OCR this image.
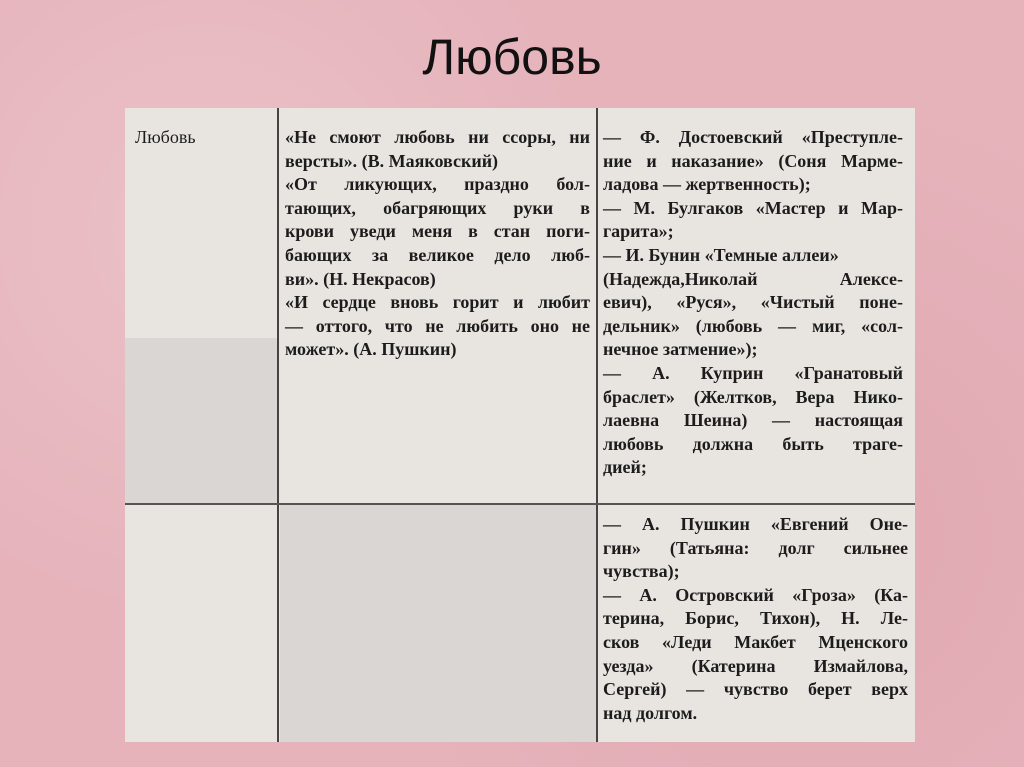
Любовь
Любовь	«Не смоют любовь ни ссоры, ни
версты». (В. Маяковский)
«От ликующих, праздно бол-
тающих, обагряющих руки в
крови уведи меня в стан поги-
бающих за великое дело люб-
ви». (Н. Некрасов)
«И сердце вновь горит и любит
— оттого, что не любить оно не
может». (А. Пушкин)
— Ф. Достоевский «Преступле-
ние и наказание» (Соня Марме-
ладова — жертвенность);
— М. Булгаков «Мастер и Мар-
гарита»;
— И. Бунин «Темные аллеи»
(Надежда,Николай Алексе-
евич), «Руся», «Чистый поне-
дельник» (любовь — миг, «сол-
нечное затмение»);
— А. Куприн «Гранатовый
браслет» (Желтков, Вера Нико-
лаевна Шеина) — настоящая
любовь должна быть траге-
дией;
— А. Пушкин «Евгений Оне-
гин» (Татьяна: долг сильнее
чувства);
— А. Островский «Гроза» (Ка-
терина, Борис, Тихон), Н. Ле-
сков «Леди Макбет Мценского
уезда» (Катерина Измайлова,
Сергей) — чувство берет верх
над долгом.
